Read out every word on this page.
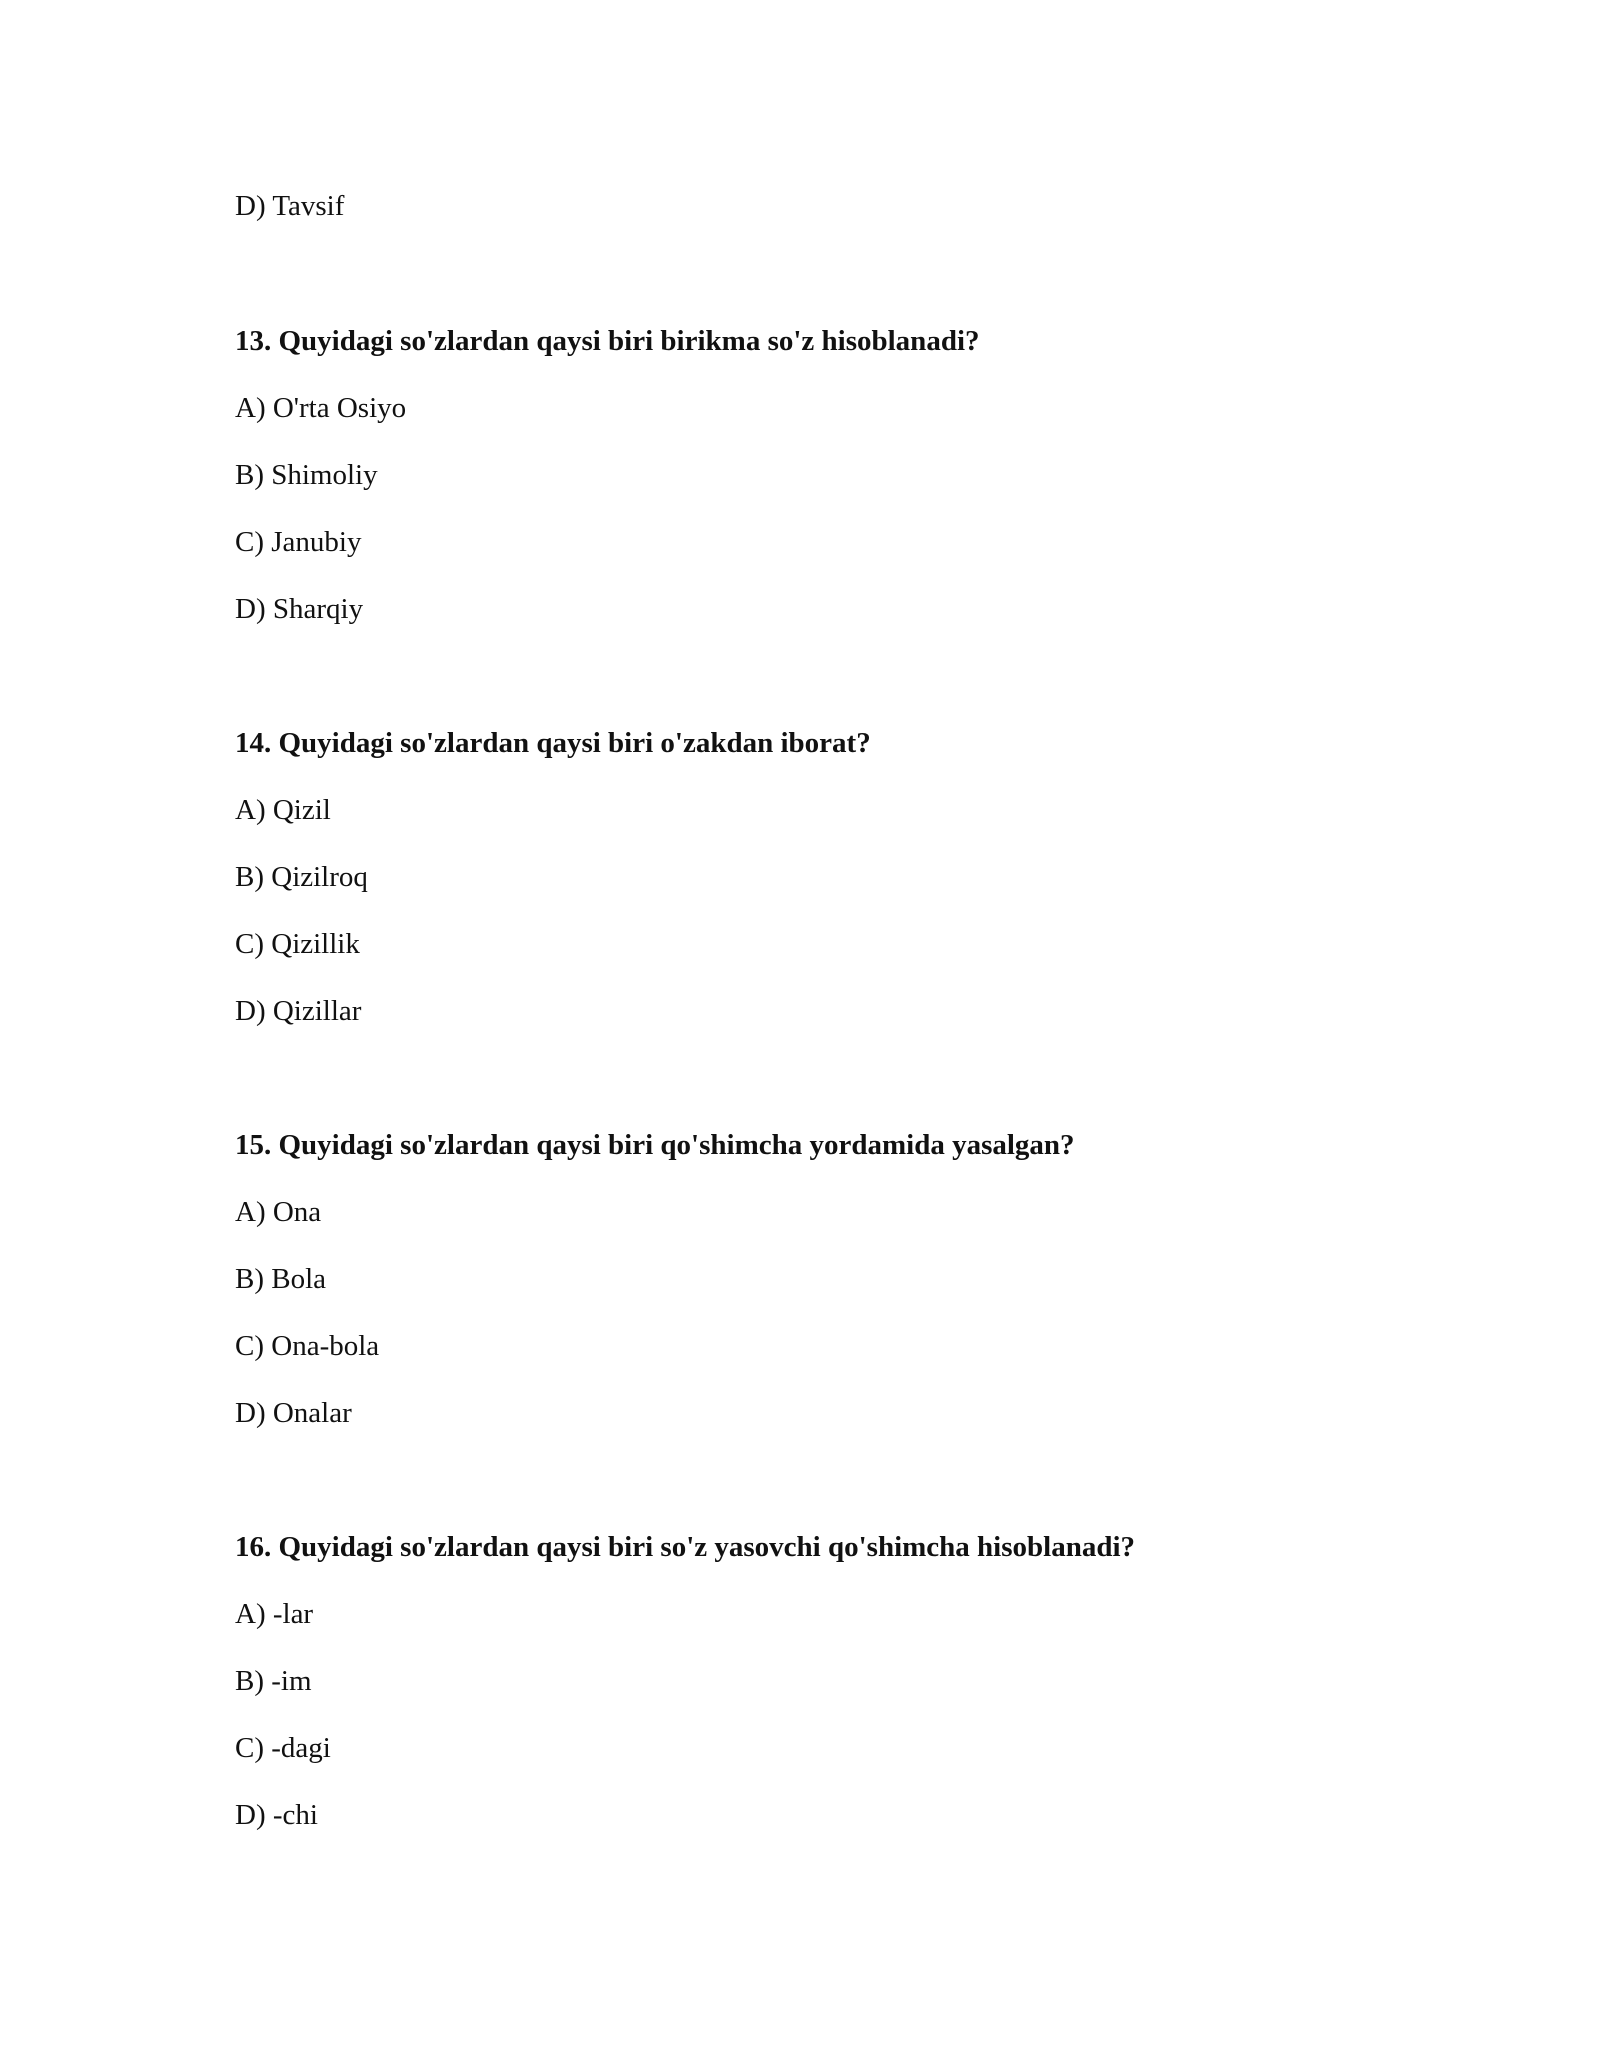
D) Tavsif
13. Quyidagi so'zlardan qaysi biri birikma so'z hisoblanadi?
A) O'rta Osiyo
B) Shimoliy
C) Janubiy
D) Sharqiy
14. Quyidagi so'zlardan qaysi biri o'zakdan iborat?
A) Qizil
B) Qizilroq
C) Qizillik
D) Qizillar
15. Quyidagi so'zlardan qaysi biri qo'shimcha yordamida yasalgan?
A) Ona
B) Bola
C) Ona-bola
D) Onalar
16. Quyidagi so'zlardan qaysi biri so'z yasovchi qo'shimcha hisoblanadi?
A) -lar
B) -im
C) -dagi
D) -chi
